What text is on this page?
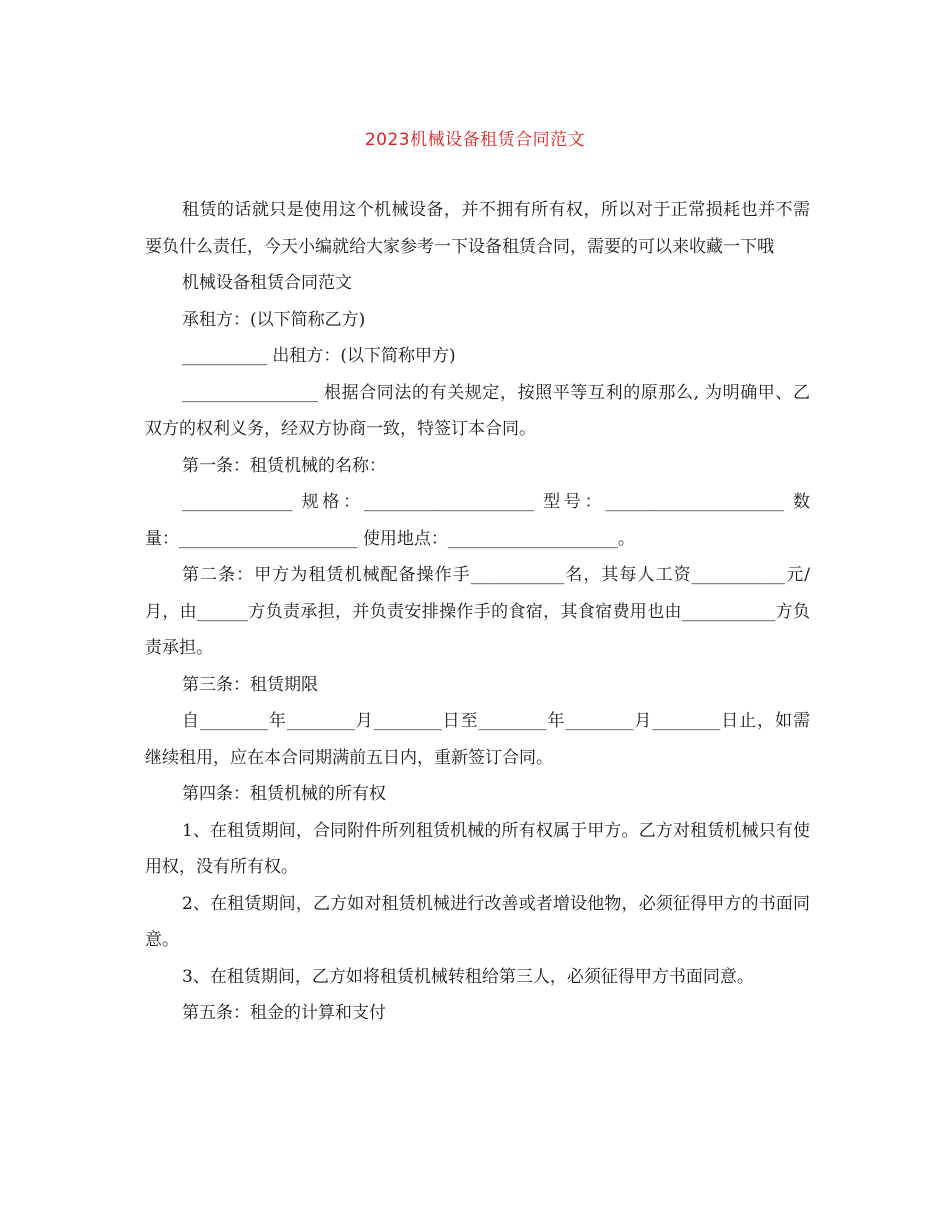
2023机械设备租赁合同范文

租赁的话就只是使用这个机械设备，并不拥有所有权，所以对于正常损耗也并不需要负什么责任，今天小编就给大家参考一下设备租赁合同，需要的可以来收藏一下哦

机械设备租赁合同范文

承租方：(以下简称乙方)

__________ 出租方：(以下简称甲方)

________________ 根据合同法的有关规定，按照平等互利的原那么, 为明确甲、乙双方的权利义务，经双方协商一致，特签订本合同。

第一条：租赁机械的名称：

_____________ 规格：____________________ 型号：_____________________ 数量：_____________________ 使用地点：____________________。

第二条：甲方为租赁机械配备操作手___________名，其每人工资___________元/月，由______方负责承担，并负责安排操作手的食宿，其食宿费用也由___________方负责承担。

第三条：租赁期限

自________年________月________日至________年________月________日止，如需继续租用，应在本合同期满前五日内，重新签订合同。

第四条：租赁机械的所有权

1、在租赁期间，合同附件所列租赁机械的所有权属于甲方。乙方对租赁机械只有使用权，没有所有权。

2、在租赁期间，乙方如对租赁机械进行改善或者增设他物，必须征得甲方的书面同意。

3、在租赁期间，乙方如将租赁机械转租给第三人，必须征得甲方书面同意。

第五条：租金的计算和支付
